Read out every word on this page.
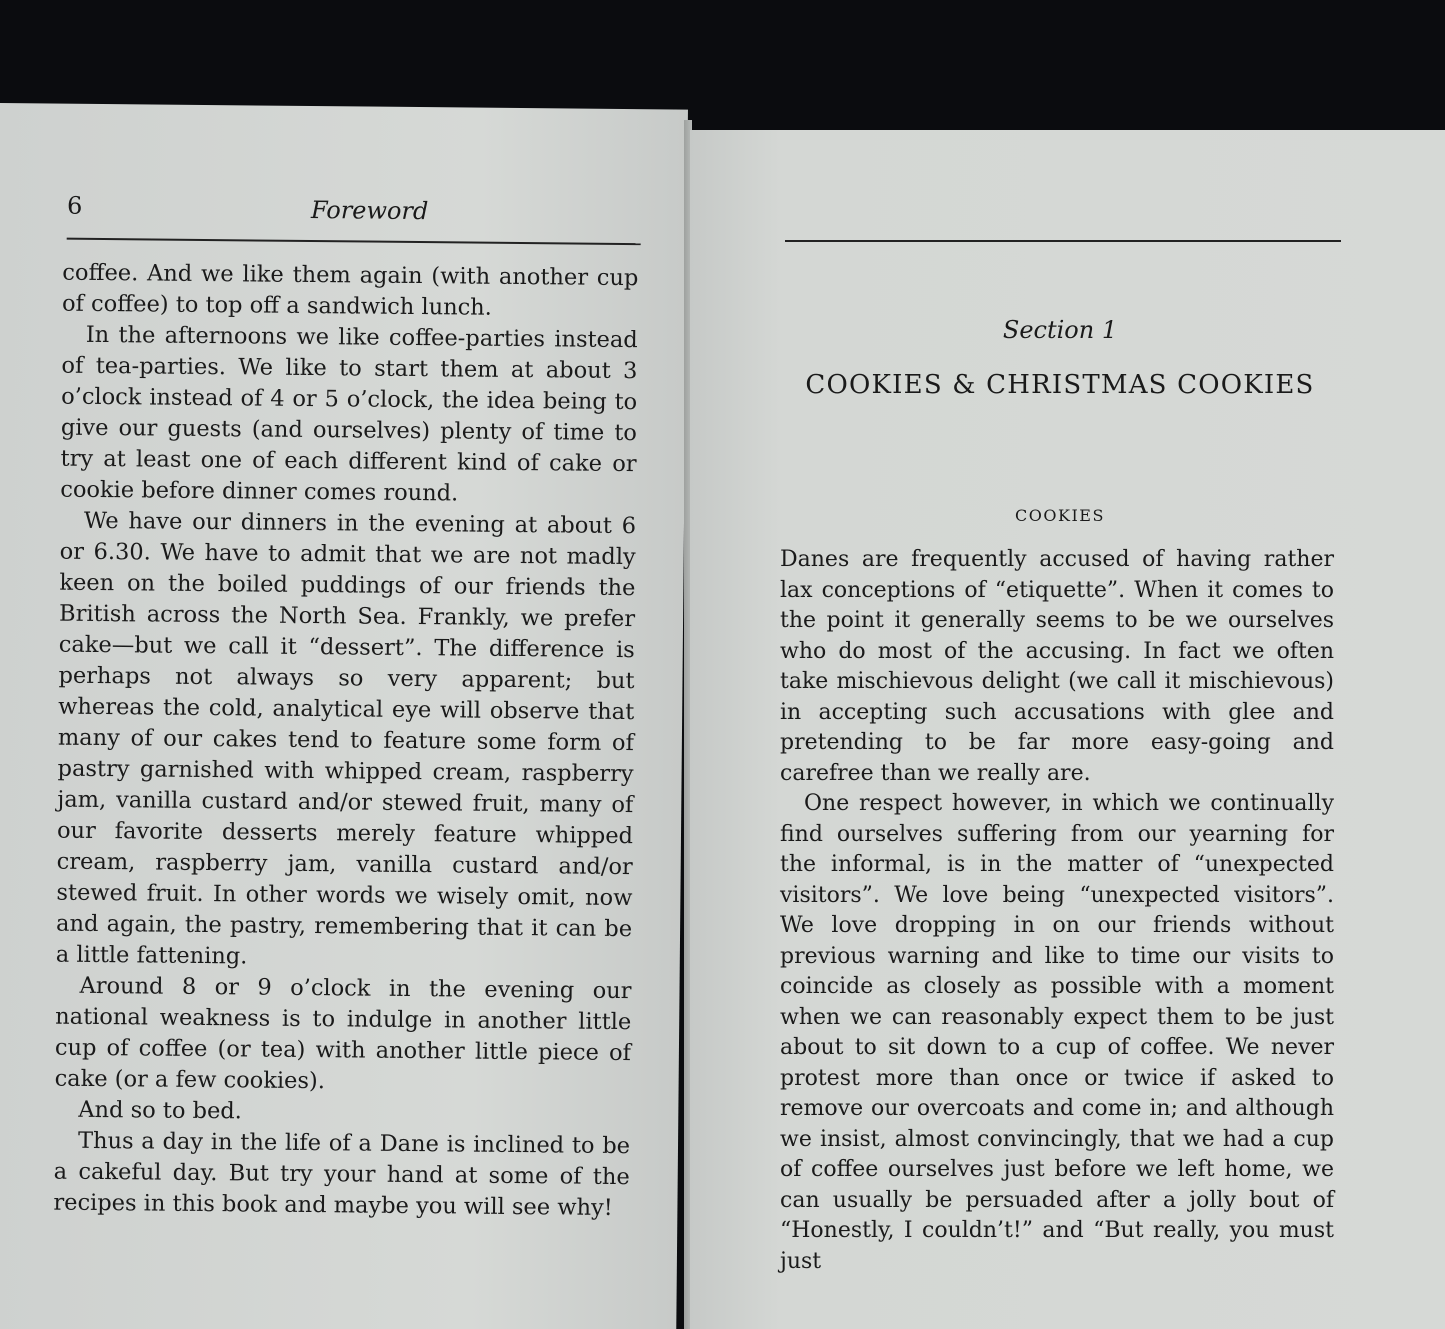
6	Foreword

coffee. And we like them again (with another cup of coffee) to top off a sandwich lunch.

In the afternoons we like coffee-parties instead of tea-parties. We like to start them at about 3 o’clock instead of 4 or 5 o’clock, the idea being to give our guests (and ourselves) plenty of time to try at least one of each different kind of cake or cookie before dinner comes round.

We have our dinners in the evening at about 6 or 6.30. We have to admit that we are not madly keen on the boiled puddings of our friends the British across the North Sea. Frankly, we prefer cake—but we call it “dessert”. The difference is perhaps not always so very apparent; but whereas the cold, analytical eye will observe that many of our cakes tend to feature some form of pastry garnished with whipped cream, raspberry jam, vanilla custard and/or stewed fruit, many of our favorite desserts merely feature whipped cream, raspberry jam, vanilla custard and/or stewed fruit. In other words we wisely omit, now and again, the pastry, remembering that it can be a little fattening.

Around 8 or 9 o’clock in the evening our national weakness is to indulge in another little cup of coffee (or tea) with another little piece of cake (or a few cookies).

And so to bed.

Thus a day in the life of a Dane is inclined to be a cakeful day. But try your hand at some of the recipes in this book and maybe you will see why!

Section 1
COOKIES & CHRISTMAS COOKIES
COOKIES

Danes are frequently accused of having rather lax conceptions of “etiquette”. When it comes to the point it generally seems to be we ourselves who do most of the accusing. In fact we often take mischievous delight (we call it mischievous) in accepting such accusations with glee and pretending to be far more easy-going and carefree than we really are.

One respect however, in which we continually find ourselves suffering from our yearning for the informal, is in the matter of “unexpected visitors”. We love being “unexpected visitors”. We love dropping in on our friends without previous warning and like to time our visits to coincide as closely as possible with a moment when we can reasonably expect them to be just about to sit down to a cup of coffee. We never protest more than once or twice if asked to remove our overcoats and come in; and although we insist, almost convincingly, that we had a cup of coffee ourselves just before we left home, we can usually be persuaded after a jolly bout of “Honestly, I couldn’t!” and “But really, you must just
